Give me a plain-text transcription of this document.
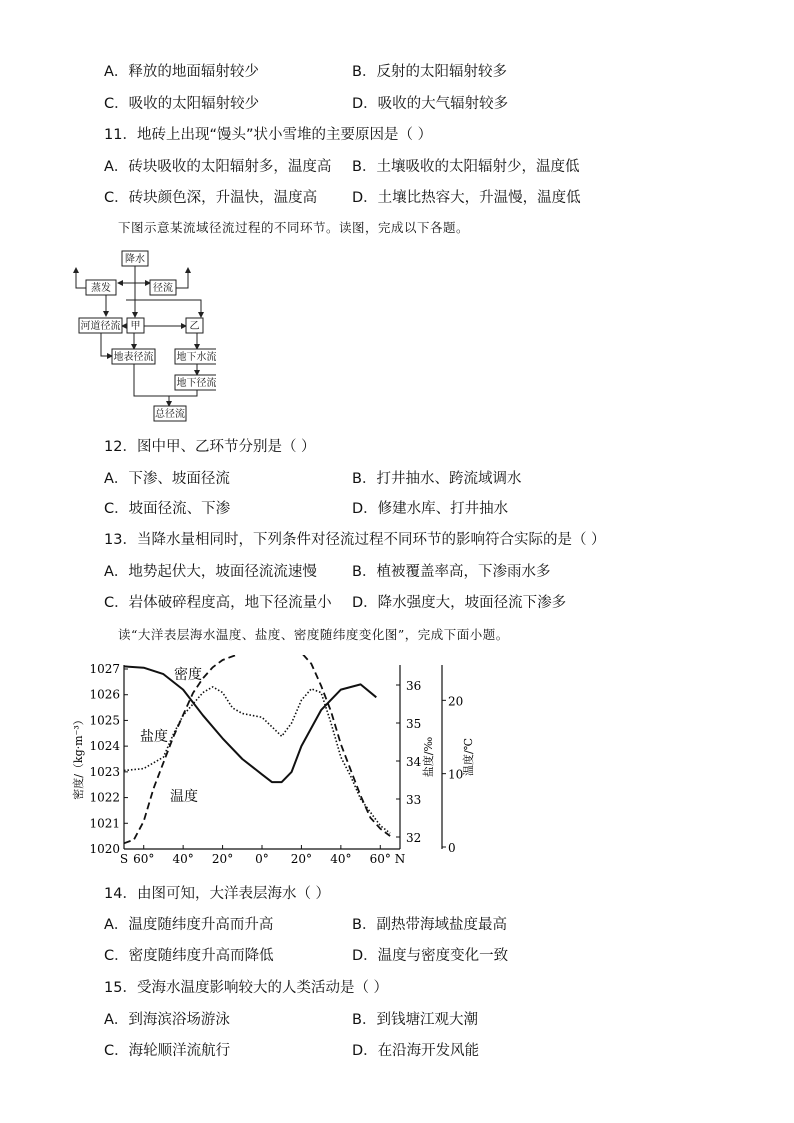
A．释放的地面辐射较少	B．反射的太阳辐射较多
C．吸收的太阳辐射较少	D．吸收的大气辐射较多
11．地砖上出现“馒头”状小雪堆的主要原因是（ ）
A．砖块吸收的太阳辐射多，温度高 B．土壤吸收的太阳辐射少，温度低
C．砖块颜色深，升温快，温度高 D．土壤比热容大，升温慢，温度低
下图示意某流域径流过程的不同环节。读图，完成以下各题。
降水
蒸发	径流
河道径流 甲	乙
地表径流 地下水流
地下径流
总径流
12．图中甲、乙环节分别是（ ）
A．下渗、坡面径流	B．打井抽水、跨流域调水
C．坡面径流、下渗	D．修建水库、打井抽水
13．当降水量相同时，下列条件对径流过程不同环节的影响符合实际的是（ ）
A．地势起伏大，坡面径流流速慢 B．植被覆盖率高，下渗雨水多
C．岩体破碎程度高，地下径流量小 D．降水强度大，坡面径流下渗多
读“大洋表层海水温度、盐度、密度随纬度变化图”，完成下面小题。
1020
1021
1022
1023
1024
1025
1026
1027
32
33
34
35
36
0
10
20
S 60° 40° 20° 0° 20° 40° 60° N
密度/（kg·m⁻³）	盐度/‰ 温度/℃
密度
盐度
温度
14．由图可知，大洋表层海水（ ）
A．温度随纬度升高而升高	B．副热带海域盐度最高
C．密度随纬度升高而降低	D．温度与密度变化一致
15．受海水温度影响较大的人类活动是（ ）
A．到海滨浴场游泳	B．到钱塘江观大潮
C．海轮顺洋流航行	D．在沿海开发风能
